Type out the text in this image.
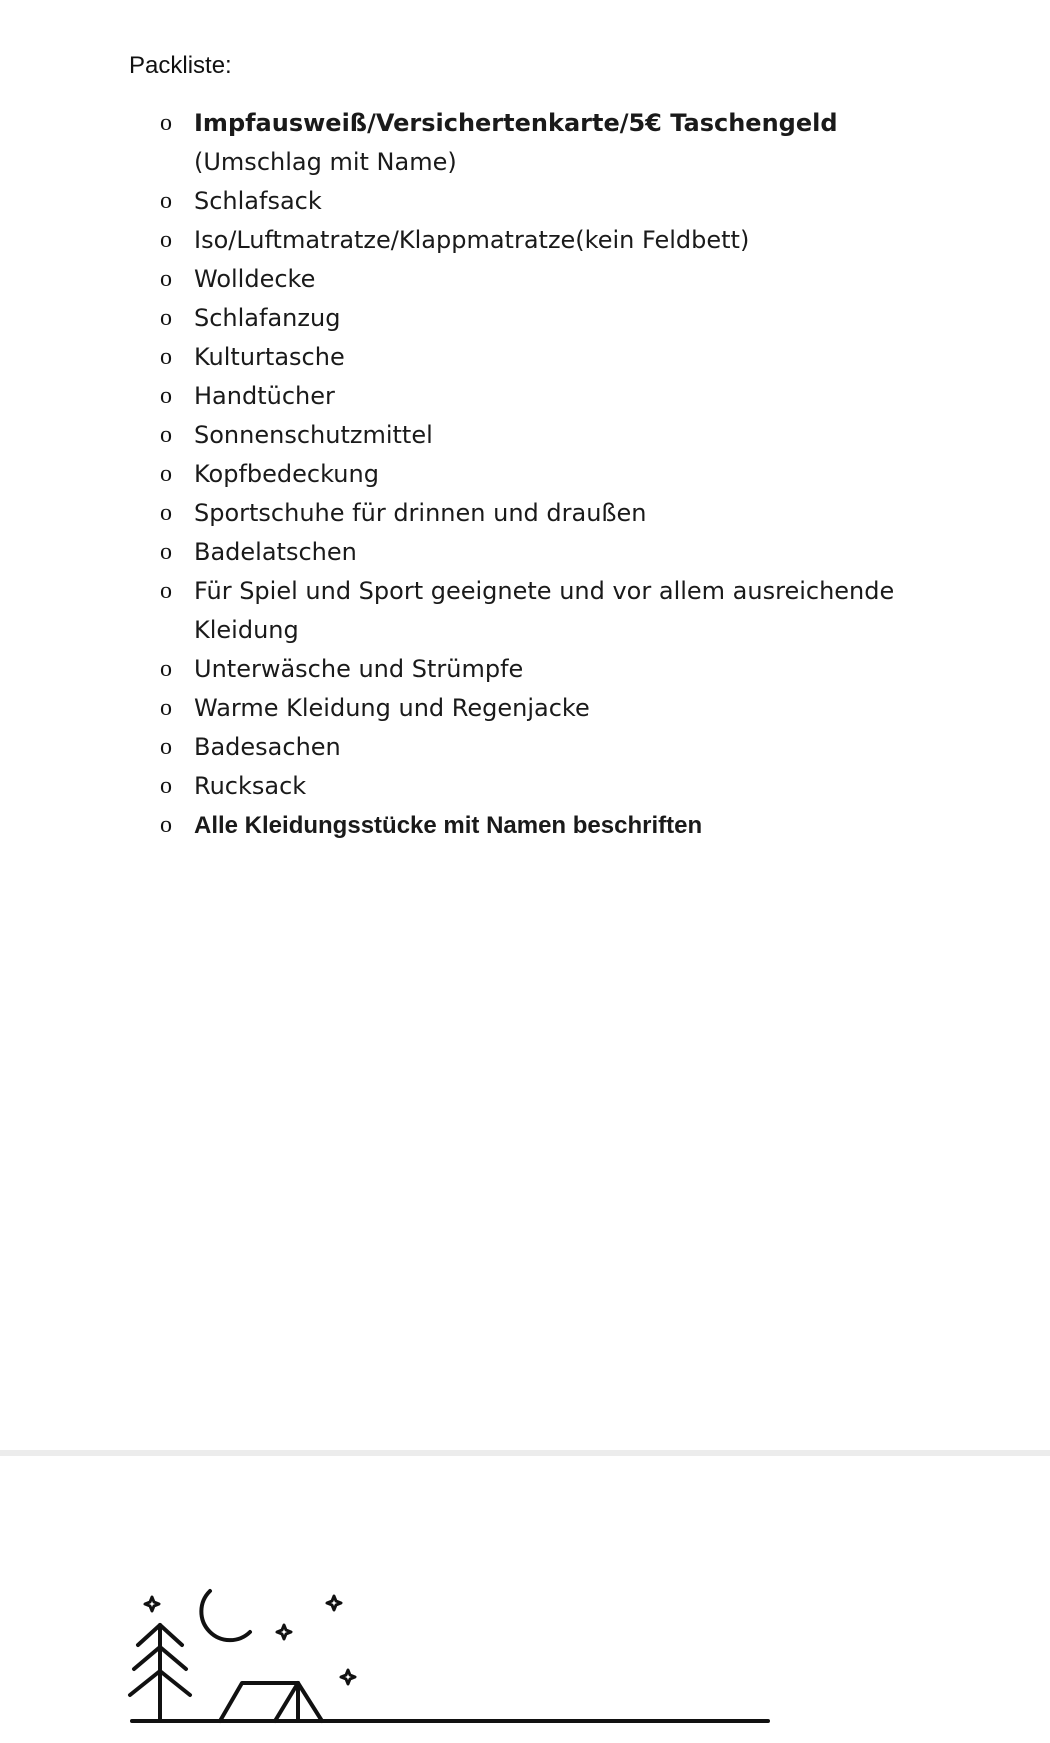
Packliste:
o Impfausweiß/Versichertenkarte/5€ Taschengeld (Umschlag mit Name)
o Schlafsack
o Iso/Luftmatratze/Klappmatratze(kein Feldbett)
o Wolldecke
o Schlafanzug
o Kulturtasche
o Handtücher
o Sonnenschutzmittel
o Kopfbedeckung
o Sportschuhe für drinnen und draußen
o Badelatschen
o Für Spiel und Sport geeignete und vor allem ausreichende Kleidung
o Unterwäsche und Strümpfe
o Warme Kleidung und Regenjacke
o Badesachen
o Rucksack
o Alle Kleidungsstücke mit Namen beschriften
